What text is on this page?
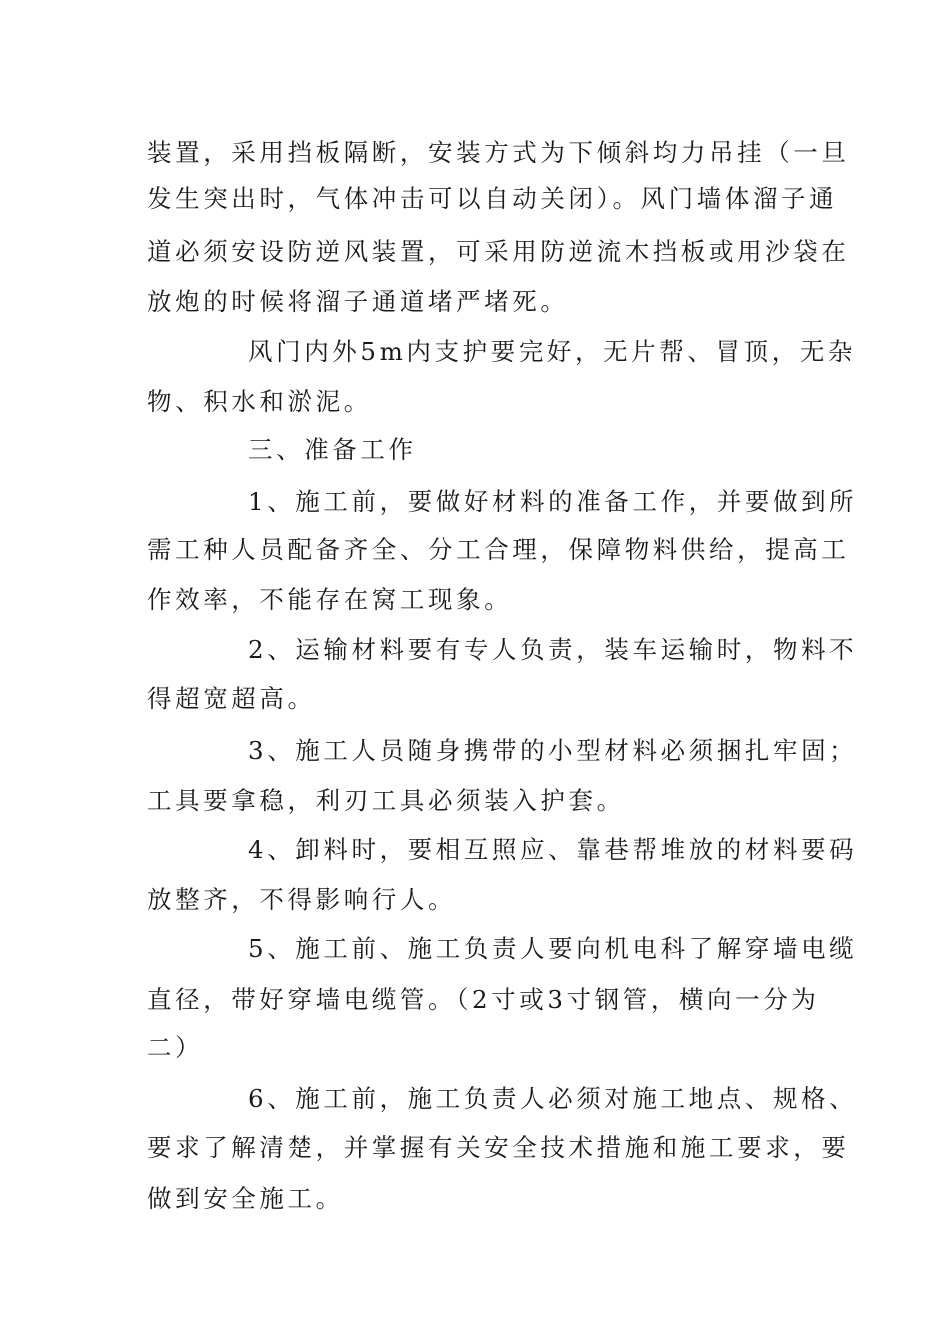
装置，采用挡板隔断，安装方式为下倾斜均力吊挂（一旦
发生突出时，气体冲击可以自动关闭）。风门墙体溜子通
道必须安设防逆风装置，可采用防逆流木挡板或用沙袋在
放炮的时候将溜子通道堵严堵死。
风门内外5m内支护要完好，无片帮、冒顶，无杂
物、积水和淤泥。
三、准备工作
1、施工前，要做好材料的准备工作，并要做到所
需工种人员配备齐全、分工合理，保障物料供给，提高工
作效率，不能存在窝工现象。
2、运输材料要有专人负责，装车运输时，物料不
得超宽超高。
3、施工人员随身携带的小型材料必须捆扎牢固；
工具要拿稳，利刃工具必须装入护套。
4、卸料时，要相互照应、靠巷帮堆放的材料要码
放整齐，不得影响行人。
5、施工前、施工负责人要向机电科了解穿墙电缆
直径，带好穿墙电缆管。（2寸或3寸钢管，横向一分为
二）
6、施工前，施工负责人必须对施工地点、规格、
要求了解清楚，并掌握有关安全技术措施和施工要求，要
做到安全施工。
